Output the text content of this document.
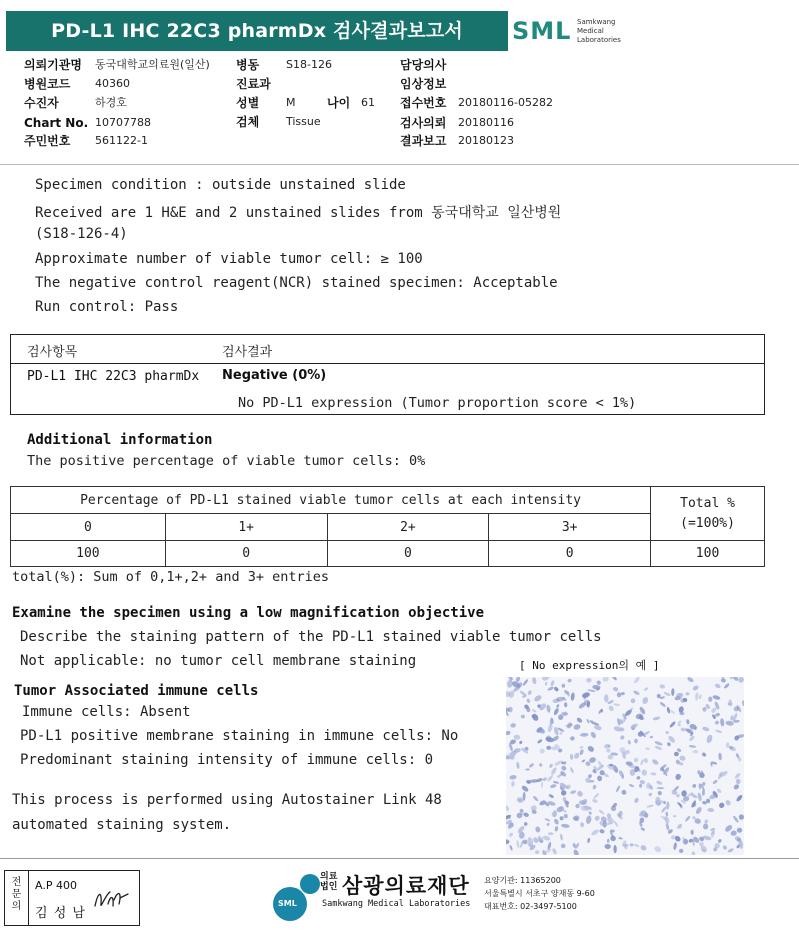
PD-L1 IHC 22C3 pharmDx 검사결과보고서	SML Samkwang
Medical
Laboratories
의뢰기관명 동국대학교의료원(일산)
병원코드 40360
수진자	하경호
Chart No. 10707788
주민번호 561122-1
병동 S18-126
진료과
성별 M	나이 61
검체 Tissue
담당의사
임상정보
접수번호 20180116-05282
검사의뢰 20180116
결과보고 20180123
Specimen condition : outside unstained slide
Received are 1 H&E and 2 unstained slides from 동국대학교 일산병원
(S18-126-4)
Approximate number of viable tumor cell: ≥ 100
The negative control reagent(NCR) stained specimen: Acceptable
Run control: Pass
검사항목	검사결과
PD-L1 IHC 22C3 pharmDx Negative (0%)
No PD-L1 expression (Tumor proportion score < 1%)
Additional information
The positive percentage of viable tumor cells: 0%
Percentage of PD-L1 stained viable tumor cells at each intensity				Total %
(=100%)

0	1+	2+	3+	
100	0	0	0	100
total(%): Sum of 0,1+,2+ and 3+ entries
Examine the specimen using a low magnification objective
Describe the staining pattern of the PD-L1 stained viable tumor cells
Not applicable: no tumor cell membrane staining	[ No expression의 예 ]
Tumor Associated immune cells
Immune cells: Absent
PD-L1 positive membrane staining in immune cells: No
Predominant staining intensity of immune cells: 0
This process is performed using Autostainer Link 48
automated staining system.
전문의
A.P 400
김 성 남
SML
의료
법인 삼광의료재단
Samkwang Medical Laboratories
요양기관: 11365200
서울특별시 서초구 양재동 9-60
대표번호: 02-3497-5100
